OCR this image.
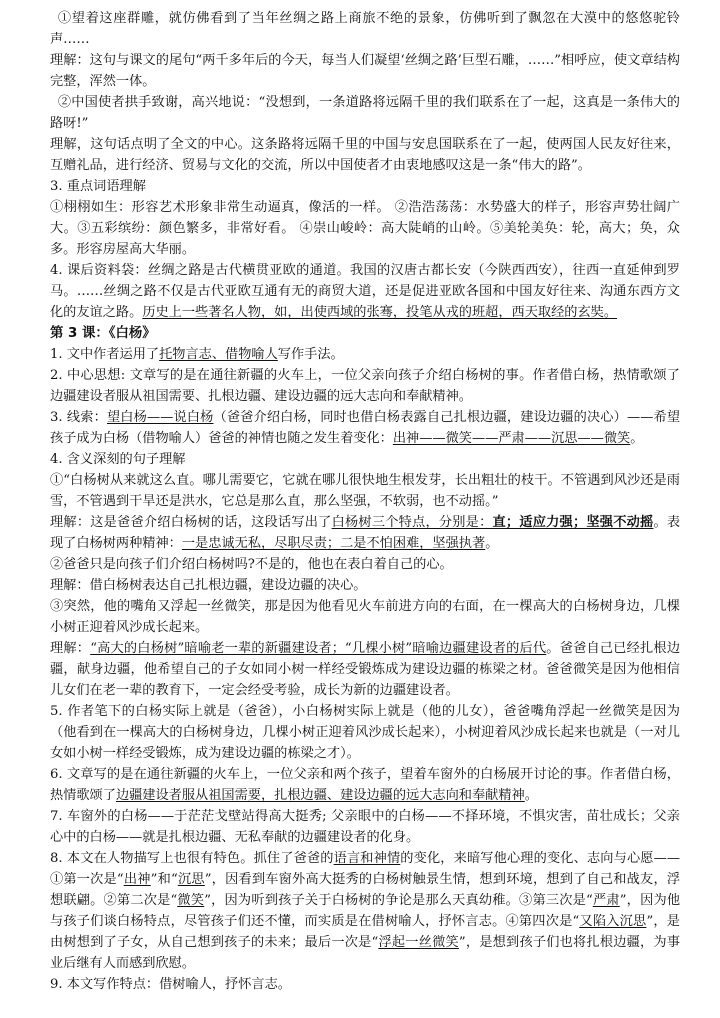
①望着这座群雕，就仿佛看到了当年丝绸之路上商旅不绝的景象，仿佛听到了飘忽在大漠中的悠悠驼铃声……

理解：这句与课文的尾句“两千多年后的今天，每当人们凝望‘丝绸之路’巨型石雕，……”相呼应，使文章结构完整，浑然一体。

②中国使者拱手致谢，高兴地说：“没想到，一条道路将远隔千里的我们联系在了一起，这真是一条伟大的路呀!”

理解，这句话点明了全文的中心。这条路将远隔千里的中国与安息国联系在了一起，使两国人民友好往来，互赠礼品，进行经济、贸易与文化的交流，所以中国使者才由衷地感叹这是一条“伟大的路”。

3. 重点词语理解

①栩栩如生：形容艺术形象非常生动逼真，像活的一样。 ②浩浩荡荡：水势盛大的样子，形容声势壮阔广大。③五彩缤纷：颜色繁多，非常好看。 ④崇山峻岭：高大陡峭的山岭。⑤美轮美奂：轮，高大；奂，众多。形容房屋高大华丽。

4. 课后资料袋：丝绸之路是古代横贯亚欧的通道。我国的汉唐古都长安（今陕西西安），往西一直延伸到罗马。……丝绸之路不仅是古代亚欧互通有无的商贸大道，还是促进亚欧各国和中国友好往来、沟通东西方文化的友谊之路。历史上一些著名人物，如，出使西域的张骞，投笔从戎的班超，西天取经的玄奘。

第 3 课：《白杨》

1. 文中作者运用了托物言志、借物喻人写作手法。

2. 中心思想: 文章写的是在通往新疆的火车上，一位父亲向孩子介绍白杨树的事。作者借白杨，热情歌颂了边疆建设者服从祖国需要、扎根边疆、建设边疆的远大志向和奉献精神。

3. 线索：望白杨——说白杨（爸爸介绍白杨，同时也借白杨表露自己扎根边疆，建设边疆的决心）——希望孩子成为白杨（借物喻人）爸爸的神情也随之发生着变化：出神——微笑——严肃——沉思——微笑。

4. 含义深刻的句子理解

①“白杨树从来就这么直。哪儿需要它，它就在哪儿很快地生根发芽，长出粗壮的枝干。不管遇到风沙还是雨雪，不管遇到干旱还是洪水，它总是那么直，那么坚强，不软弱，也不动摇。”

理解：这是爸爸介绍白杨树的话，这段话写出了白杨树三个特点，分别是：直；适应力强；坚强不动摇。表现了白杨树两种精神：一是忠诚无私，尽职尽责；二是不怕困难，坚强执著。

②爸爸只是向孩子们介绍白杨树吗?不是的，他也在表白着自己的心。

理解：借白杨树表达自己扎根边疆，建设边疆的决心。

③突然，他的嘴角又浮起一丝微笑，那是因为他看见火车前进方向的右面，在一棵高大的白杨树身边，几棵小树正迎着风沙成长起来。

理解：“高大的白杨树”暗喻老一辈的新疆建设者；“几棵小树”暗喻边疆建设者的后代。爸爸自己已经扎根边疆，献身边疆，他希望自己的子女如同小树一样经受锻炼成为建设边疆的栋梁之材。爸爸微笑是因为他相信儿女们在老一辈的教育下，一定会经受考验，成长为新的边疆建设者。

5. 作者笔下的白杨实际上就是（爸爸），小白杨树实际上就是（他的儿女），爸爸嘴角浮起一丝微笑是因为（他看到在一棵高大的白杨树身边，几棵小树正迎着风沙成长起来），小树迎着风沙成长起来也就是（一对儿女如小树一样经受锻炼，成为建设边疆的栋梁之才）。

6. 文章写的是在通往新疆的火车上，一位父亲和两个孩子，望着车窗外的白杨展开讨论的事。作者借白杨，热情歌颂了边疆建设者服从祖国需要，扎根边疆、建设边疆的远大志向和奉献精神。

7. 车窗外的白杨——于茫茫戈壁站得高大挺秀; 父亲眼中的白杨——不择环境，不惧灾害，苗壮成长；父亲心中的白杨——就是扎根边疆、无私奉献的边疆建设者的化身。

8. 本文在人物描写上也很有特色。抓住了爸爸的语言和神情的变化，来暗写他心理的变化、志向与心愿—— ①第一次是“出神”和“沉思”，因看到车窗外高大挺秀的白杨树触景生情，想到环境，想到了自己和战友，浮想联翩。②第二次是“微笑”，因为听到孩子关于白杨树的争论是那么天真幼稚。③第三次是“严肃”，因为他与孩子们谈白杨特点，尽管孩子们还不懂，而实质是在借树喻人，抒怀言志。④第四次是“又陷入沉思”，是由树想到了子女，从自己想到孩子的未来；最后一次是“浮起一丝微笑”，是想到孩子们也将扎根边疆，为事业后继有人而感到欣慰。

9. 本文写作特点：借树喻人，抒怀言志。
